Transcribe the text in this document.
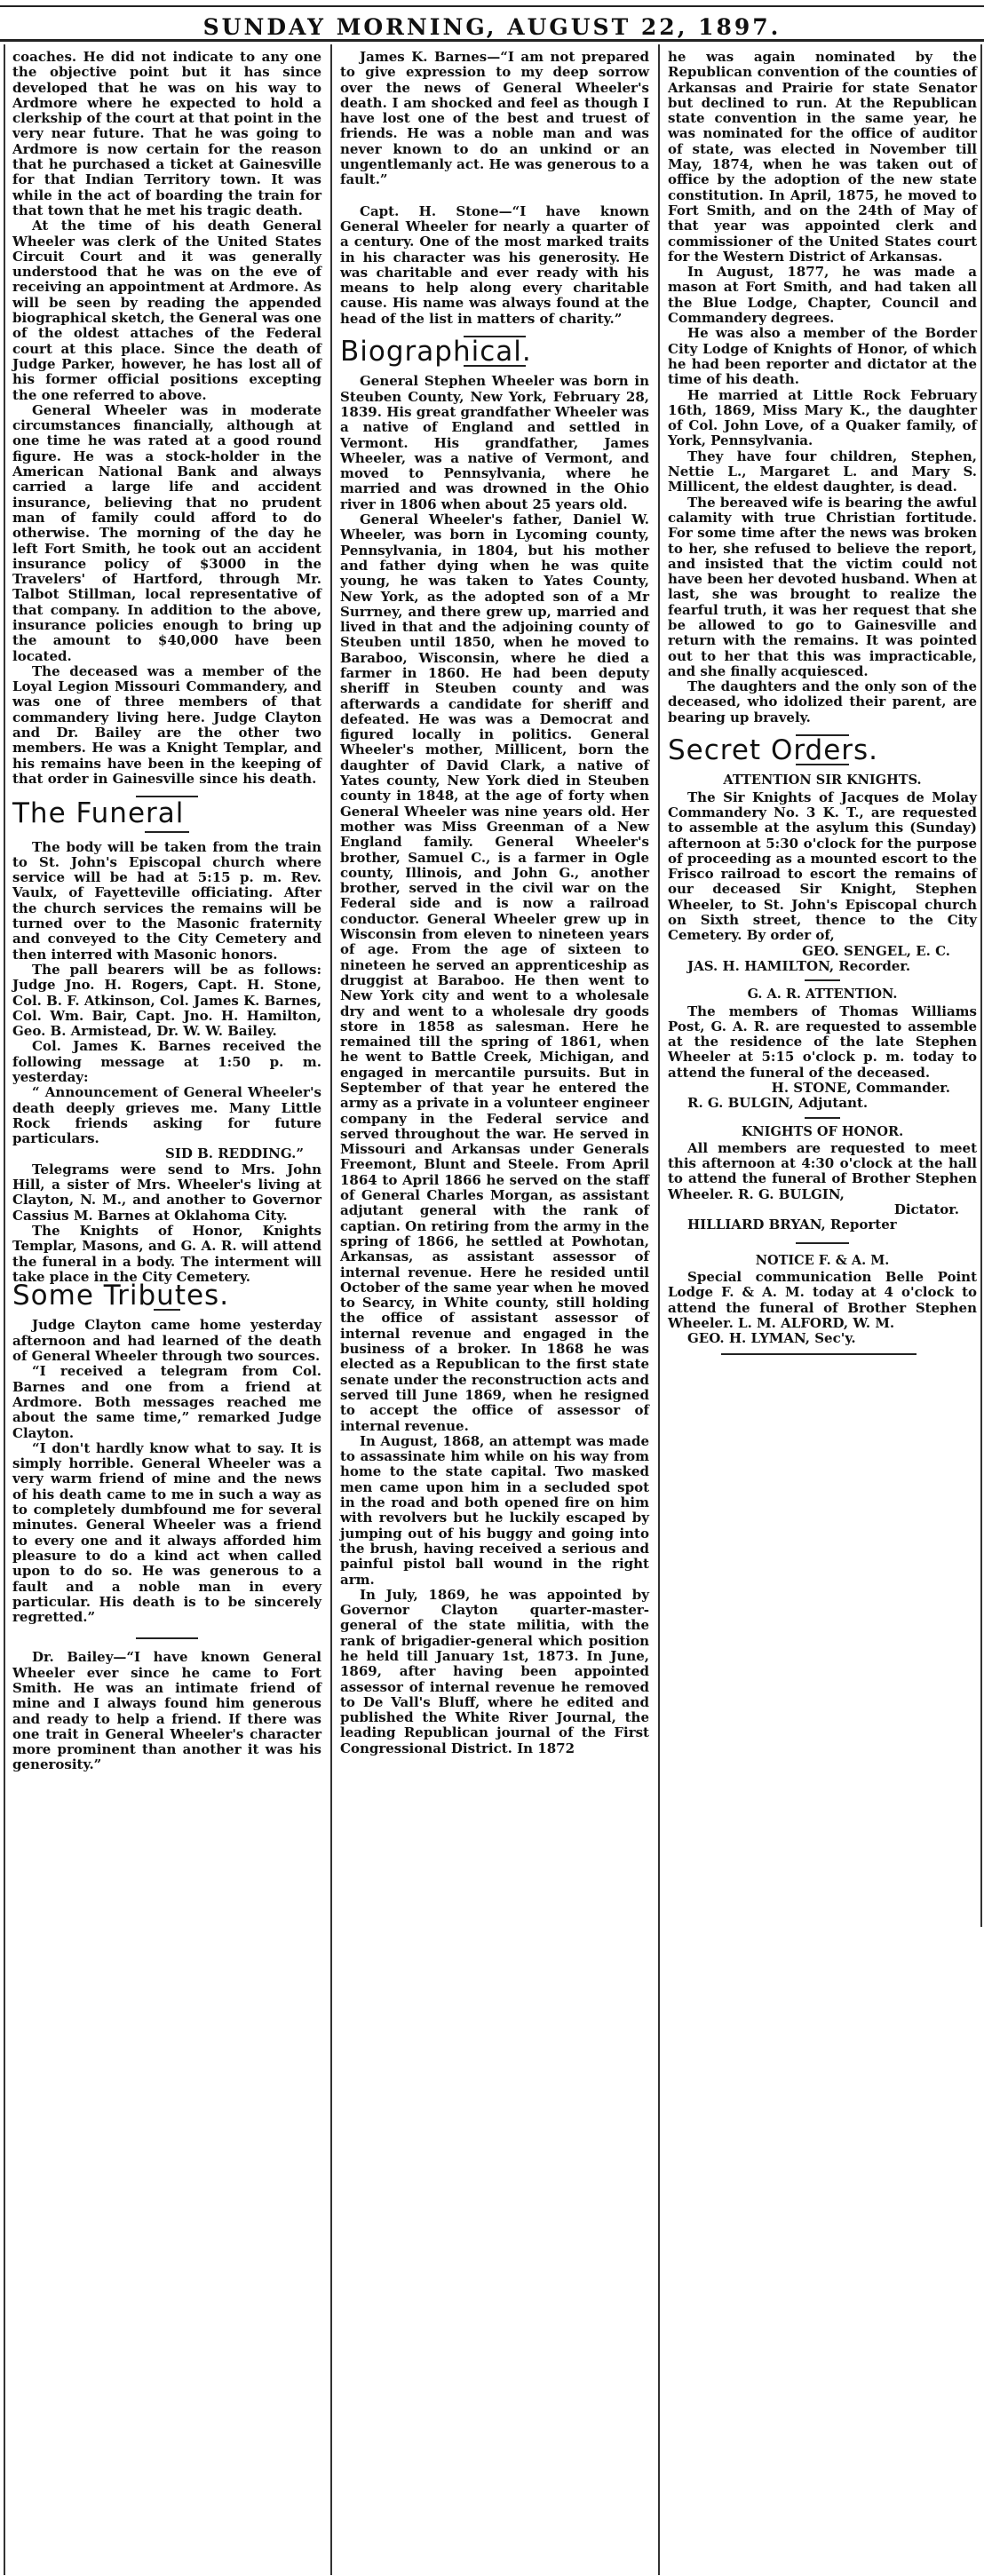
SUNDAY MORNING, AUGUST 22, 1897.

coaches. He did not indicate to any one the objective point but it has since developed that he was on his way to Ardmore where he expected to hold a clerkship of the court at that point in the very near future. That he was going to Ardmore is now certain for the reason that he purchased a ticket at Gainesville for that Indian Territory town. It was while in the act of boarding the train for that town that he met his tragic death.

At the time of his death General Wheeler was clerk of the United States Circuit Court and it was generally understood that he was on the eve of receiving an appointment at Ardmore. As will be seen by reading the appended biographical sketch, the General was one of the oldest attaches of the Federal court at this place. Since the death of Judge Parker, however, he has lost all of his former official positions excepting the one referred to above.

General Wheeler was in moderate circumstances financially, although at one time he was rated at a good round figure. He was a stock-holder in the American National Bank and always carried a large life and accident insurance, believing that no prudent man of family could afford to do otherwise. The morning of the day he left Fort Smith, he took out an accident insurance policy of $3000 in the Travelers' of Hartford, through Mr. Talbot Stillman, local representative of that company. In addition to the above, insurance policies enough to bring up the amount to $40,000 have been located.

The deceased was a member of the Loyal Legion Missouri Commandery, and was one of three members of that commandery living here. Judge Clayton and Dr. Bailey are the other two members. He was a Knight Templar, and his remains have been in the keeping of that order in Gainesville since his death.

The Funeral

The body will be taken from the train to St. John's Episcopal church where service will be had at 5:15 p. m. Rev. Vaulx, of Fayetteville officiating. After the church services the remains will be turned over to the Masonic fraternity and conveyed to the City Cemetery and then interred with Masonic honors.

The pall bearers will be as follows: Judge Jno. H. Rogers, Capt. H. Stone, Col. B. F. Atkinson, Col. James K. Barnes, Col. Wm. Bair, Capt. Jno. H. Hamilton, Geo. B. Armistead, Dr. W. W. Bailey.

Col. James K. Barnes received the following message at 1:50 p. m. yesterday:

“ Announcement of General Wheeler's death deeply grieves me. Many Little Rock friends asking for future particulars.

SID B. REDDING.”

Telegrams were send to Mrs. John Hill, a sister of Mrs. Wheeler's living at Clayton, N. M., and another to Governor Cassius M. Barnes at Oklahoma City.

The Knights of Honor, Knights Templar, Masons, and G. A. R. will attend the funeral in a body. The interment will take place in the City Cemetery.

Some Tributes.

Judge Clayton came home yesterday afternoon and had learned of the death of General Wheeler through two sources.

“I received a telegram from Col. Barnes and one from a friend at Ardmore. Both messages reached me about the same time,” remarked Judge Clayton.

“I don't hardly know what to say. It is simply horrible. General Wheeler was a very warm friend of mine and the news of his death came to me in such a way as to completely dumbfound me for several minutes. General Wheeler was a friend to every one and it always afforded him pleasure to do a kind act when called upon to do so. He was generous to a fault and a noble man in every particular. His death is to be sincerely regretted.”

Dr. Bailey—“I have known General Wheeler ever since he came to Fort Smith. He was an intimate friend of mine and I always found him generous and ready to help a friend. If there was one trait in General Wheeler's character more prominent than another it was his generosity.”

James K. Barnes—“I am not prepared to give expression to my deep sorrow over the news of General Wheeler's death. I am shocked and feel as though I have lost one of the best and truest of friends. He was a noble man and was never known to do an unkind or an ungentlemanly act. He was generous to a fault.”

Capt. H. Stone—“I have known General Wheeler for nearly a quarter of a century. One of the most marked traits in his character was his generosity. He was charitable and ever ready with his means to help along every charitable cause. His name was always found at the head of the list in matters of charity.”

Biographical.

General Stephen Wheeler was born in Steuben County, New York, February 28, 1839. His great grandfather Wheeler was a native of England and settled in Vermont. His grandfather, James Wheeler, was a native of Vermont, and moved to Pennsylvania, where he married and was drowned in the Ohio river in 1806 when about 25 years old.

General Wheeler's father, Daniel W. Wheeler, was born in Lycoming county, Pennsylvania, in 1804, but his mother and father dying when he was quite young, he was taken to Yates County, New York, as the adopted son of a Mr Surrney, and there grew up, married and lived in that and the adjoining county of Steuben until 1850, when he moved to Baraboo, Wisconsin, where he died a farmer in 1860. He had been deputy sheriff in Steuben county and was afterwards a candidate for sheriff and defeated. He was was a Democrat and figured locally in politics. General Wheeler's mother, Millicent, born the daughter of David Clark, a native of Yates county, New York died in Steuben county in 1848, at the age of forty when General Wheeler was nine years old. Her mother was Miss Greenman of a New England family. General Wheeler's brother, Samuel C., is a farmer in Ogle county, Illinois, and John G., another brother, served in the civil war on the Federal side and is now a railroad conductor. General Wheeler grew up in Wisconsin from eleven to nineteen years of age. From the age of sixteen to nineteen he served an apprenticeship as druggist at Baraboo. He then went to New York city and went to a wholesale dry and went to a wholesale dry goods store in 1858 as salesman. Here he remained till the spring of 1861, when he went to Battle Creek, Michigan, and engaged in mercantile pursuits. But in September of that year he entered the army as a private in a volunteer engineer company in the Federal service and served throughout the war. He served in Missouri and Arkansas under Generals Freemont, Blunt and Steele. From April 1864 to April 1866 he served on the staff of General Charles Morgan, as assistant adjutant general with the rank of captian. On retiring from the army in the spring of 1866, he settled at Powhotan, Arkansas, as assistant assessor of internal revenue. Here he resided until October of the same year when he moved to Searcy, in White county, still holding the office of assistant assessor of internal revenue and engaged in the business of a broker. In 1868 he was elected as a Republican to the first state senate under the reconstruction acts and served till June 1869, when he resigned to accept the office of assessor of internal revenue.

In August, 1868, an attempt was made to assassinate him while on his way from home to the state capital. Two masked men came upon him in a secluded spot in the road and both opened fire on him with revolvers but he luckily escaped by jumping out of his buggy and going into the brush, having received a serious and painful pistol ball wound in the right arm.

In July, 1869, he was appointed by Governor Clayton quarter-master-general of the state militia, with the rank of brigadier-general which position he held till January 1st, 1873. In June, 1869, after having been appointed assessor of internal revenue he removed to De Vall's Bluff, where he edited and published the White River Journal, the leading Republican journal of the First Congressional District. In 1872

he was again nominated by the Republican convention of the counties of Arkansas and Prairie for state Senator but declined to run. At the Republican state convention in the same year, he was nominated for the office of auditor of state, was elected in November till May, 1874, when he was taken out of office by the adoption of the new state constitution. In April, 1875, he moved to Fort Smith, and on the 24th of May of that year was appointed clerk and commissioner of the United States court for the Western District of Arkansas.

In August, 1877, he was made a mason at Fort Smith, and had taken all the Blue Lodge, Chapter, Council and Commandery degrees.

He was also a member of the Border City Lodge of Knights of Honor, of which he had been reporter and dictator at the time of his death.

He married at Little Rock February 16th, 1869, Miss Mary K., the daughter of Col. John Love, of a Quaker family, of York, Pennsylvania.

They have four children, Stephen, Nettie L., Margaret L. and Mary S. Millicent, the eldest daughter, is dead.

The bereaved wife is bearing the awful calamity with true Christian fortitude. For some time after the news was broken to her, she refused to believe the report, and insisted that the victim could not have been her devoted husband. When at last, she was brought to realize the fearful truth, it was her request that she be allowed to go to Gainesville and return with the remains. It was pointed out to her that this was impracticable, and she finally acquiesced.

The daughters and the only son of the deceased, who idolized their parent, are bearing up bravely.

Secret Orders.
ATTENTION SIR KNIGHTS.

The Sir Knights of Jacques de Molay Commandery No. 3 K. T., are requested to assemble at the asylum this (Sunday) afternoon at 5:30 o'clock for the purpose of proceeding as a mounted escort to the Frisco railroad to escort the remains of our deceased Sir Knight, Stephen Wheeler, to St. John's Episcopal church on Sixth street, thence to the City Cemetery. By order of,

GEO. SENGEL, E. C.

JAS. H. HAMILTON, Recorder.

G. A. R. ATTENTION.

The members of Thomas Williams Post, G. A. R. are requested to assemble at the residence of the late Stephen Wheeler at 5:15 o'clock p. m. today to attend the funeral of the deceased.

H. STONE, Commander.

R. G. BULGIN, Adjutant.

KNIGHTS OF HONOR.

All members are requested to meet this afternoon at 4:30 o'clock at the hall to attend the funeral of Brother Stephen Wheeler. R. G. BULGIN,

Dictator.

HILLIARD BRYAN, Reporter

NOTICE F. & A. M.

Special communication Belle Point Lodge F. & A. M. today at 4 o'clock to attend the funeral of Brother Stephen Wheeler. L. M. ALFORD, W. M.

GEO. H. LYMAN, Sec'y.
